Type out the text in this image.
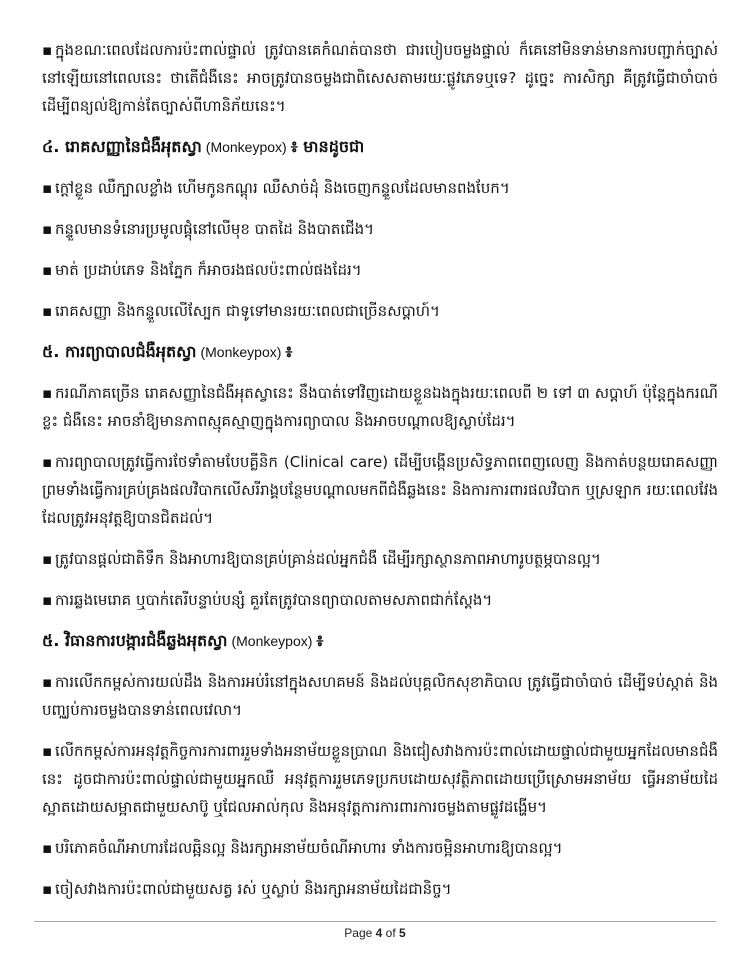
▪ ក្នុងខណៈពេលដែលការប៉ះពាល់ផ្ទាល់ ត្រូវបានគេកំណត់បានថា ជារបៀបចម្លងផ្ទាល់ ក៏គេនៅមិនទាន់មានការបញ្ជាក់ច្បាស់នៅឡើយនៅពេលនេះ ថាតើជំងឺនេះ អាចត្រូវបានចម្លងជាពិសេសតាមរយៈផ្លូវភេទឬទេ? ដូច្នេះ ការសិក្សា គឺត្រូវធ្វើជាចាំបាច់ ដើម្បីពន្យល់ឱ្យកាន់តែច្បាស់ពីហានិភ័យនេះ។

៤. រោគសញ្ញានៃជំងឺអុតស្វា (Monkeypox) ៖ មានដូចជា

▪ ក្តៅខ្លួន ឈឺក្បាលខ្លាំង ហើមកូនកណ្តុរ ឈឺសាច់ដុំ និងចេញកន្ទួលដែលមានពងបែក។

▪ កន្ទួលមានទំនោរប្រមូលផ្តុំនៅលើមុខ បាតដៃ និងបាតជើង។

▪ មាត់ ប្រដាប់ភេទ និងភ្នែក ក៏អាចរងផលប៉ះពាល់ផងដែរ។

▪ រោគសញ្ញា និងកន្ទួលលើស្បែក ជាទូទៅមានរយៈពេលជាច្រើនសប្តាហ៍។

៥. ការព្យាបាលជំងឺអុតស្វា (Monkeypox) ៖

▪ ករណីភាគច្រើន រោគសញ្ញានៃជំងឺអុតស្វានេះ នឹងបាត់ទៅវិញដោយខ្លួនឯងក្នុងរយៈពេលពី ២ ទៅ ៣ សប្តាហ៍ ប៉ុន្តែក្នុងករណីខ្លះ ជំងឺនេះ អាចនាំឱ្យមានភាពស្មុគស្មាញក្នុងការព្យាបាល និងអាចបណ្តាលឱ្យស្លាប់ដែរ។

▪ ការព្យាបាលត្រូវធ្វើការថែទាំតាមបែបគ្លីនិក (Clinical care) ដើម្បីបង្កើនប្រសិទ្ធភាពពេញលេញ និងកាត់បន្ថយរោគសញ្ញា ព្រមទាំងធ្វើការគ្រប់គ្រងផលវិបាកលើសរីរាង្គបន្ថែមបណ្តាលមកពីជំងឺឆ្លងនេះ និងការការពារផលវិបាក ឬស្រឡាក រយៈពេលវែង ដែលត្រូវអនុវត្តឱ្យបានជិតដល់។

▪ ត្រូវបានផ្តល់ជាតិទឹក និងអាហារឱ្យបានគ្រប់គ្រាន់ដល់អ្នកជំងឺ ដើម្បីរក្សាស្ថានភាពអាហារូបត្ថម្ភបានល្អ។

▪ ការឆ្លងមេរោគ ឬបាក់តេរីបន្ទាប់បន្សំ គួរតែត្រូវបានព្យាបាលតាមសភាពជាក់ស្តែង។

៥. វិធានការបង្ការជំងឺឆ្លងអុតស្វា (Monkeypox) ៖

▪ ការលើកកម្ពស់ការយល់ដឹង និងការអប់រំនៅក្នុងសហគមន៍ និងដល់បុគ្គលិកសុខាភិបាល ត្រូវធ្វើជាចាំបាច់ ដើម្បីទប់ស្កាត់ និងបញ្ឈប់ការចម្លងបានទាន់ពេលវេលា។

▪ លើកកម្ពស់ការអនុវត្តកិច្ចការការពាររួមទាំងអនាម័យខ្លួនប្រាណ និងជៀសវាងការប៉ះពាល់ដោយផ្ទាល់ជាមួយអ្នកដែលមានជំងឺនេះ ដូចជាការប៉ះពាល់ផ្ទាល់ជាមួយអ្នកឈឺ អនុវត្តការរួមភេទប្រកបដោយសុវត្ថិភាពដោយប្រើស្រោមអនាម័យ ធ្វើអនាម័យដៃស្អាតដោយសម្អាតជាមួយសាប៊ូ ឬជែលអាល់កុល និងអនុវត្តការការពារការចម្លងតាមផ្លូវដង្ហើម។

▪ បរិភោគចំណីអាហារដែលឆ្អិនល្អ និងរក្សាអនាម័យចំណីអាហារ ទាំងការចម្អិនអាហារឱ្យបានល្អ។

▪ ចៀសវាងការប៉ះពាល់ជាមួយសត្វ រស់ ឬស្លាប់ និងរក្សាអនាម័យដៃជានិច្ច។

Page 4 of 5
